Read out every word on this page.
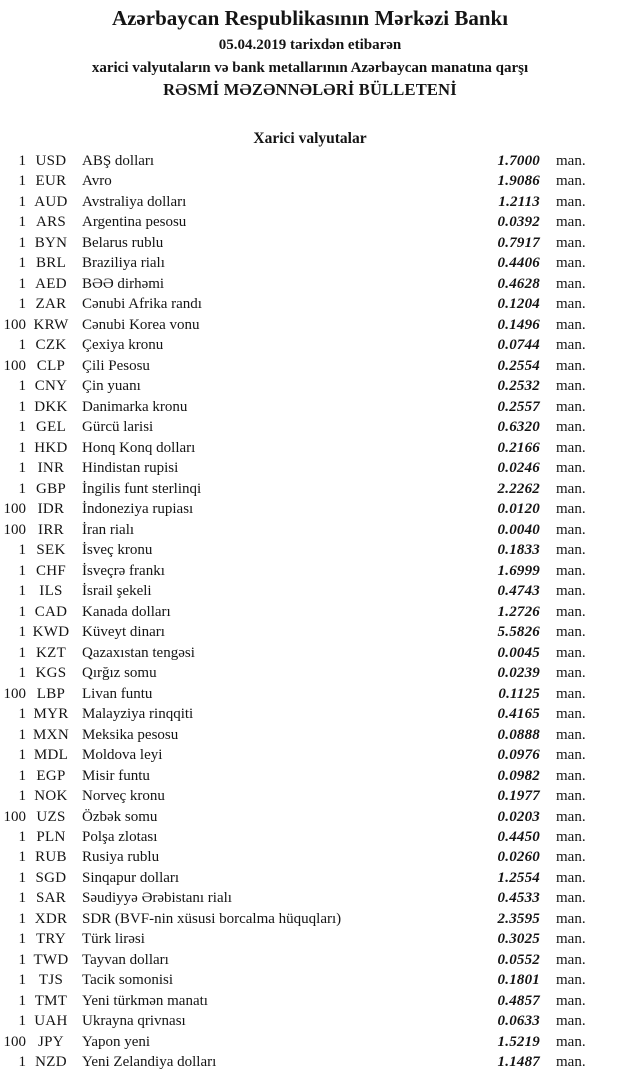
Azərbaycan Respublikasının Mərkəzi Bankı
05.04.2019 tarixdən etibarən
xarici valyutaların və bank metallarının Azərbaycan manatına qarşı
RƏSMİ MƏZƏNNƏLƏRİ BÜLLETENİ
Xarici valyutalar
1 USD	ABŞ dolları	1.7000	man.
1 EUR	Avro	1.9086	man.
1 AUD Avstraliya dolları	1.2113	man.
1 ARS	Argentina pesosu	0.0392	man.
1 BYN Belarus rublu	0.7917	man.
1 BRL	Braziliya rialı	0.4406	man.
1 AED	BƏƏ dirhəmi	0.4628	man.
1 ZAR	Cənubi Afrika randı	0.1204	man.
100 KRW Cənubi Korea vonu	0.1496	man.
1 CZK	Çexiya kronu	0.0744	man.
100 CLP	Çili Pesosu	0.2554	man.
1 CNY Çin yuanı	0.2532	man.
1 DKK Danimarka kronu	0.2557	man.
1 GEL	Gürcü larisi	0.6320	man.
1 HKD Honq Konq dolları	0.2166	man.
1 INR	Hindistan rupisi	0.0246	man.
1 GBP	İngilis funt sterlinqi	2.2262	man.
100 IDR	İndoneziya rupiası	0.0120	man.
100 IRR	İran rialı	0.0040	man.
1 SEK	İsveç kronu	0.1833	man.
1 CHF	İsveçrə frankı	1.6999	man.
1 ILS	İsrail şekeli	0.4743	man.
1 CAD Kanada dolları	1.2726	man.
1 KWD Küveyt dinarı	5.5826	man.
1 KZT	Qazaxıstan tengəsi	0.0045	man.
1 KGS	Qırğız somu	0.0239	man.
100 LBP	Livan funtu	0.1125	man.
1 MYR Malayziya rinqqiti	0.4165	man.
1 MXN Meksika pesosu	0.0888	man.
1 MDL Moldova leyi	0.0976	man.
1 EGP	Misir funtu	0.0982	man.
1 NOK Norveç kronu	0.1977	man.
100 UZS	Özbək somu	0.0203	man.
1 PLN	Polşa zlotası	0.4450	man.
1 RUB	Rusiya rublu	0.0260	man.
1 SGD	Sinqapur dolları	1.2554	man.
1 SAR	Səudiyyə Ərəbistanı rialı	0.4533	man.
1 XDR SDR (BVF-nin xüsusi borcalma hüquqları)	2.3595	man.
1 TRY	Türk lirəsi	0.3025	man.
1 TWD Tayvan dolları	0.0552	man.
1 TJS	Tacik somonisi	0.1801	man.
1 TMT Yeni türkmən manatı	0.4857	man.
1 UAH Ukrayna qrivnası	0.0633	man.
100 JPY	Yapon yeni	1.5219	man.
1 NZD	Yeni Zelandiya dolları	1.1487	man.
